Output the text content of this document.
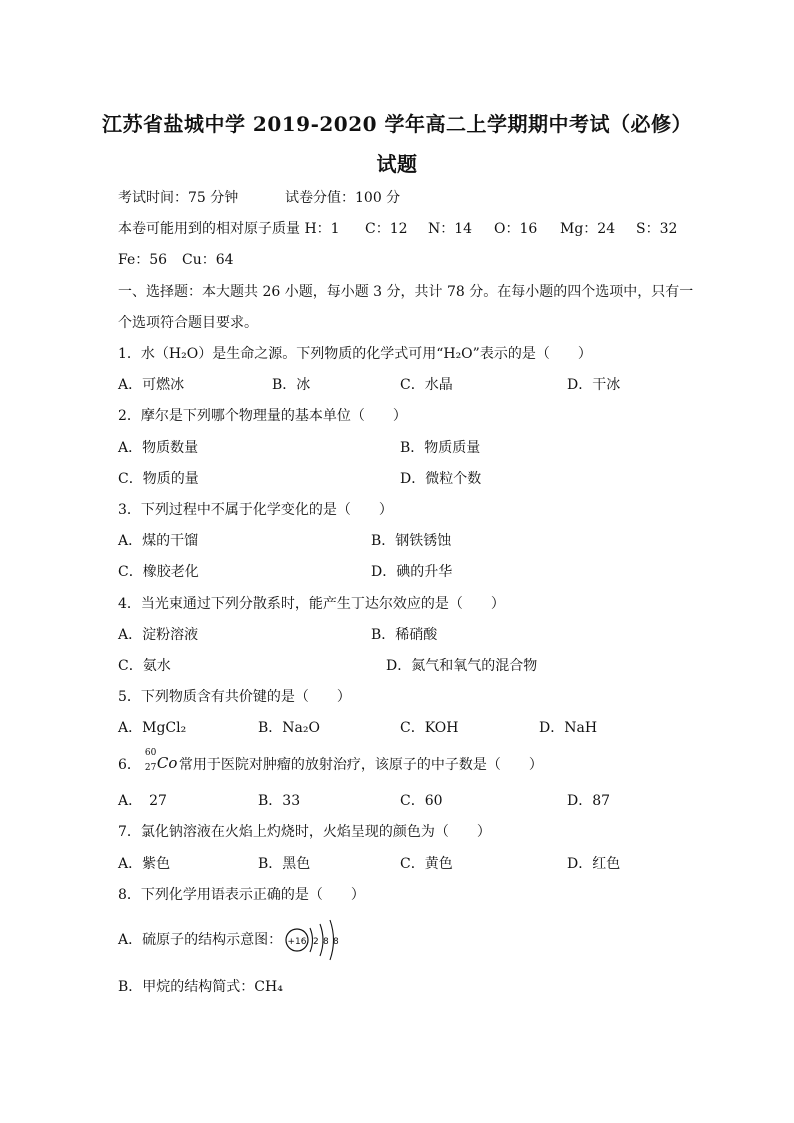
江苏省盐城中学 2019-2020 学年高二上学期期中考试（必修）
试题
考试时间：75 分钟	试卷分值：100 分
本卷可能用到的相对原子质量 H：1 C：12 N：14 O：16 Mg：24 S：32
Fe：56 Cu：64
一、选择题：本大题共 26 小题，每小题 3 分，共计 78 分。在每小题的四个选项中，只有一
个选项符合题目要求。
1．水（H₂O）是生命之源。下列物质的化学式可用“H₂O”表示的是（　　）
A．可燃冰	B．冰	C．水晶	D．干冰
2．摩尔是下列哪个物理量的基本单位（　　）
A．物质数量	B．物质质量
C．物质的量	D．微粒个数
3．下列过程中不属于化学变化的是（　　）
A．煤的干馏	B．钢铁锈蚀
C．橡胶老化	D．碘的升华
4．当光束通过下列分散系时，能产生丁达尔效应的是（　　）
A．淀粉溶液	B．稀硝酸
C．氨水	D．氮气和氧气的混合物
5．下列物质含有共价键的是（　　）
A．MgCl₂	B．Na₂O	C．KOH	D．NaH
6．
60
27 Co 常用于医院对肿瘤的放射治疗，该原子的中子数是（　　）
A．　27	B．33	C．60	D．87
7．氯化钠溶液在火焰上灼烧时，火焰呈现的颜色为（　　）
A．紫色	B．黑色	C．黄色	D．红色
8．下列化学用语表示正确的是（　　）
A．硫原子的结构示意图： +16 2 8 8
B．甲烷的结构简式：CH₄
